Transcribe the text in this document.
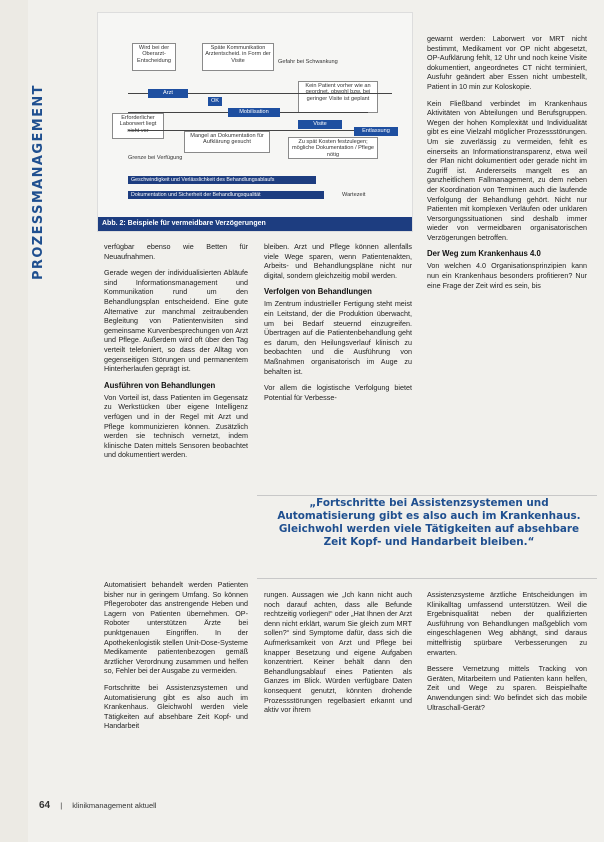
PROZESSMANAGEMENT
Wird bei der Oberarzt-Entscheidung
Späte Kommunikation Arztentscheid. in Form der Visite	Gefahr bei Schwankung
Kein Patient vorher wie an geordnet, obwohl bzw. bei geringer Visite ist geplant
Erforderlicher Laborwert liegt nicht vor
Mangel an Dokumentation für Aufklärung gesucht
Grenze bei Verfügung
Zu spät Kosten festzulegen; mögliche Dokumentation / Pflege nötig
Arzt
OK
Mobilisation
Visite
Entlassung
Geschwindigkeit und Verlässlichkeit des Behandlungsablaufs
Dokumentation und Sicherheit der Behandlungsqualität	Wartezeit
Abb. 2: Beispiele für vermeidbare Verzögerungen

verfügbar ebenso wie Betten für Neuaufnahmen.

Gerade wegen der individualisierten Abläufe sind Informationsmanagement und Kommunikation rund um den Behandlungsplan entscheidend. Eine gute Alternative zur manchmal zeitraubenden Begleitung von Patientenvisiten sind gemeinsame Kurvenbesprechungen von Arzt und Pflege. Außerdem wird oft über den Tag verteilt telefoniert, so dass der Alltag von gegenseitigen Störungen und permanentem Hinterherlaufen geprägt ist.

Ausführen von Behandlungen

Von Vorteil ist, dass Patienten im Gegensatz zu Werkstücken über eigene Intelligenz verfügen und in der Regel mit Arzt und Pflege kommunizieren können. Zusätzlich werden sie technisch vernetzt, indem klinische Daten mittels Sensoren beobachtet und dokumentiert werden.

Automatisiert behandelt werden Patienten bisher nur in geringem Umfang. So können Pflegeroboter das anstrengende Heben und Lagern von Patienten übernehmen. OP-Roboter unterstützen Ärzte bei punktgenauen Eingriffen. In der Apothekenlogistik stellen Unit-Dose-Systeme Medikamente patientenbezogen gemäß ärztlicher Verordnung zusammen und helfen so, Fehler bei der Ausgabe zu vermeiden.

Fortschritte bei Assistenzsystemen und Automatisierung gibt es also auch im Krankenhaus. Gleichwohl werden viele Tätigkeiten auf absehbare Zeit Kopf- und Handarbeit

bleiben. Arzt und Pflege können allenfalls viele Wege sparen, wenn Patientenakten, Arbeits- und Behandlungspläne nicht nur digital, sondern gleichzeitig mobil werden.

Verfolgen von Behandlungen

Im Zentrum industrieller Fertigung steht meist ein Leitstand, der die Produktion überwacht, um bei Bedarf steuernd einzugreifen. Übertragen auf die Patientenbehandlung geht es darum, den Heilungsverlauf klinisch zu beobachten und die Ausführung von Maßnahmen organisatorisch im Auge zu behalten ist.

Vor allem die logistische Verfolgung bietet Potential für Verbesse-

rungen. Aussagen wie „Ich kann nicht auch noch darauf achten, dass alle Befunde rechtzeitig vorliegen!“ oder „Hat Ihnen der Arzt denn nicht erklärt, warum Sie gleich zum MRT sollen?“ sind Symptome dafür, dass sich die Aufmerksamkeit von Arzt und Pflege bei knapper Besetzung und eigene Aufgaben konzentriert. Keiner behält dann den Behandlungsablauf eines Patienten als Ganzes im Blick. Würden verfügbare Daten konsequent genutzt, könnten drohende Prozessstörungen regelbasiert erkannt und aktiv vor ihrem

gewarnt werden: Laborwert vor MRT nicht bestimmt, Medikament vor OP nicht abgesetzt, OP-Aufklärung fehlt, 12 Uhr und noch keine Visite dokumentiert, angeordnetes CT nicht terminiert, Ausfuhr geändert aber Essen nicht umbestellt, Patient in 10 min zur Koloskopie.

Kein Fließband verbindet im Krankenhaus Aktivitäten von Abteilungen und Berufsgruppen. Wegen der hohen Komplexität und Individualität gibt es eine Vielzahl möglicher Prozessstörungen. Um sie zuverlässig zu vermeiden, fehlt es einerseits an Informationstransparenz, etwa weil der Plan nicht dokumentiert oder gerade nicht im Zugriff ist. Andererseits mangelt es an ganzheitlichem Fallmanagement, zu dem neben der Koordination von Terminen auch die laufende Verfolgung der Behandlung gehört. Nicht nur Patienten mit komplexen Verläufen oder unklaren Versorgungssituationen sind deshalb immer wieder von vermeidbaren organisatorischen Verzögerungen betroffen.

Der Weg zum Krankenhaus 4.0

Von welchen 4.0 Organisationsprinzipien kann nun ein Krankenhaus besonders profitieren? Nur eine Frage der Zeit wird es sein, bis

Assistenzsysteme ärztliche Entscheidungen im Klinikalltag umfassend unterstützen. Weil die Ergebnisqualität neben der qualifizierten Ausführung von Behandlungen maßgeblich vom eingeschlagenen Weg abhängt, sind daraus mittelfristig spürbare Verbesserungen zu erwarten.

Bessere Vernetzung mittels Tracking von Geräten, Mitarbeitern und Patienten kann helfen, Zeit und Wege zu sparen. Beispielhafte Anwendungen sind: Wo befindet sich das mobile Ultraschall-Gerät?

„Fortschritte bei Assistenzsystemen und Automatisierung gibt es also auch im Krankenhaus. Gleichwohl werden viele Tätigkeiten auf absehbare Zeit Kopf- und Handarbeit bleiben.“
64 | klinikmanagement aktuell
